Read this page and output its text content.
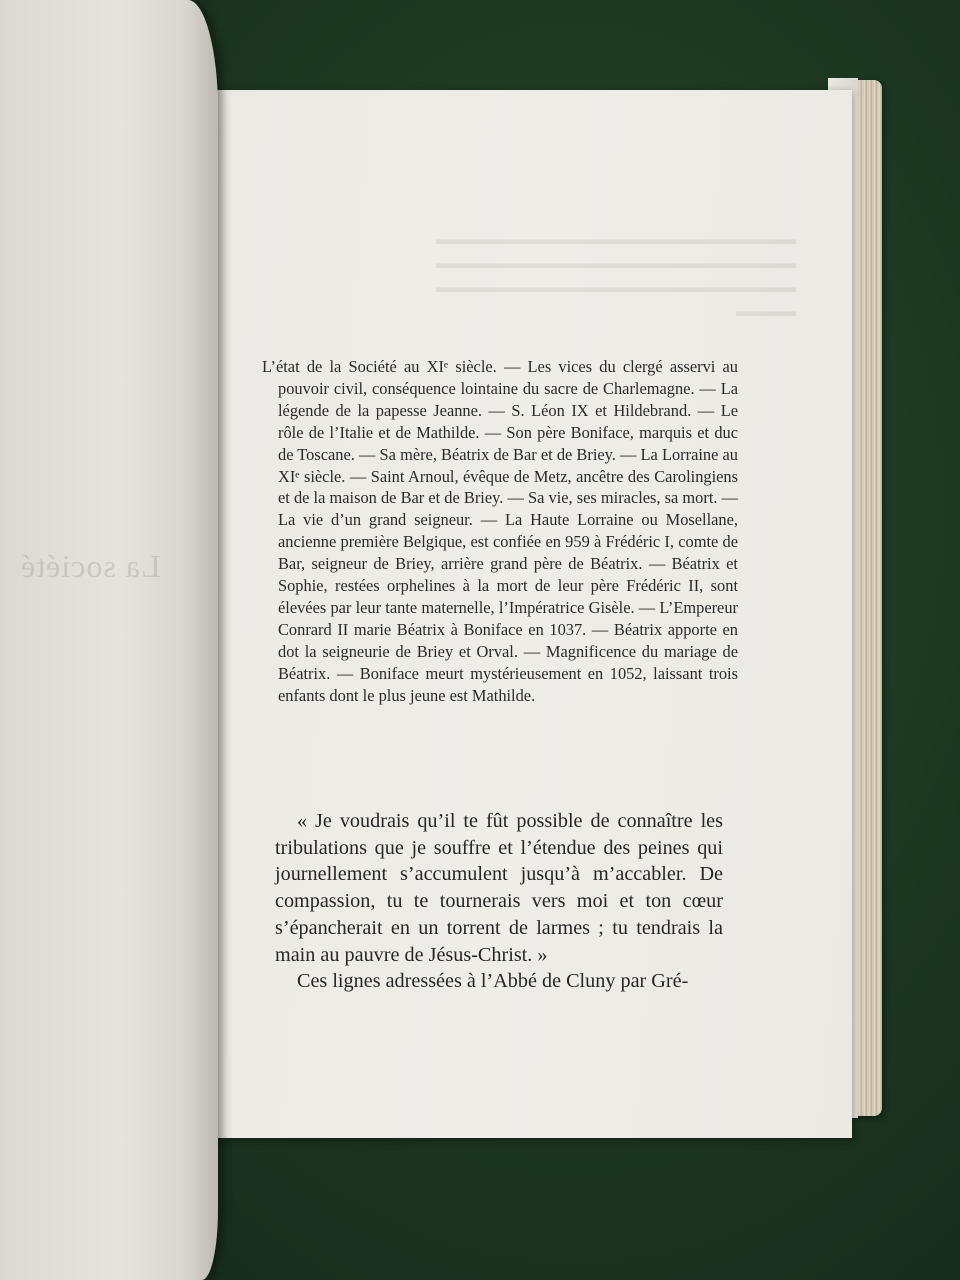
▬▬▬▬▬▬▬▬▬▬▬▬▬▬▬▬▬▬▬▬▬▬▬▬
▬▬▬▬▬▬▬▬▬▬▬▬▬▬▬▬▬▬▬▬▬▬▬▬
▬▬▬▬▬▬▬▬▬▬▬▬▬▬▬▬▬▬▬▬▬▬▬▬
▬▬▬▬
La société

L’état de la Société au XIᵉ siècle. — Les vices du clergé asservi au pouvoir civil, conséquence lointaine du sacre de Charlemagne. — La légende de la papesse Jeanne. — S. Léon IX et Hildebrand. — Le rôle de l’Italie et de Mathilde. — Son père Boniface, marquis et duc de Toscane. — Sa mère, Béatrix de Bar et de Briey. — La Lorraine au XIᵉ siècle. — Saint Arnoul, évêque de Metz, ancêtre des Carolingiens et de la maison de Bar et de Briey. — Sa vie, ses miracles, sa mort. — La vie d’un grand seigneur. — La Haute Lorraine ou Mosellane, ancienne première Belgique, est confiée en 959 à Frédéric I, comte de Bar, seigneur de Briey, arrière grand père de Béatrix. — Béatrix et Sophie, restées orphelines à la mort de leur père Frédéric II, sont élevées par leur tante maternelle, l’Impératrice Gisèle. — L’Empereur Conrard II marie Béatrix à Boniface en 1037. — Béatrix apporte en dot la seigneurie de Briey et Orval. — Magnificence du mariage de Béatrix. — Boniface meurt mystérieusement en 1052, laissant trois enfants dont le plus jeune est Mathilde.

« Je voudrais qu’il te fût possible de connaître les tribulations que je souffre et l’étendue des peines qui journellement s’accumulent jusqu’à m’accabler. De compassion, tu te tournerais vers moi et ton cœur s’épancherait en un torrent de larmes ; tu tendrais la main au pauvre de Jésus-Christ. »

Ces lignes adressées à l’Abbé de Cluny par Gré-
